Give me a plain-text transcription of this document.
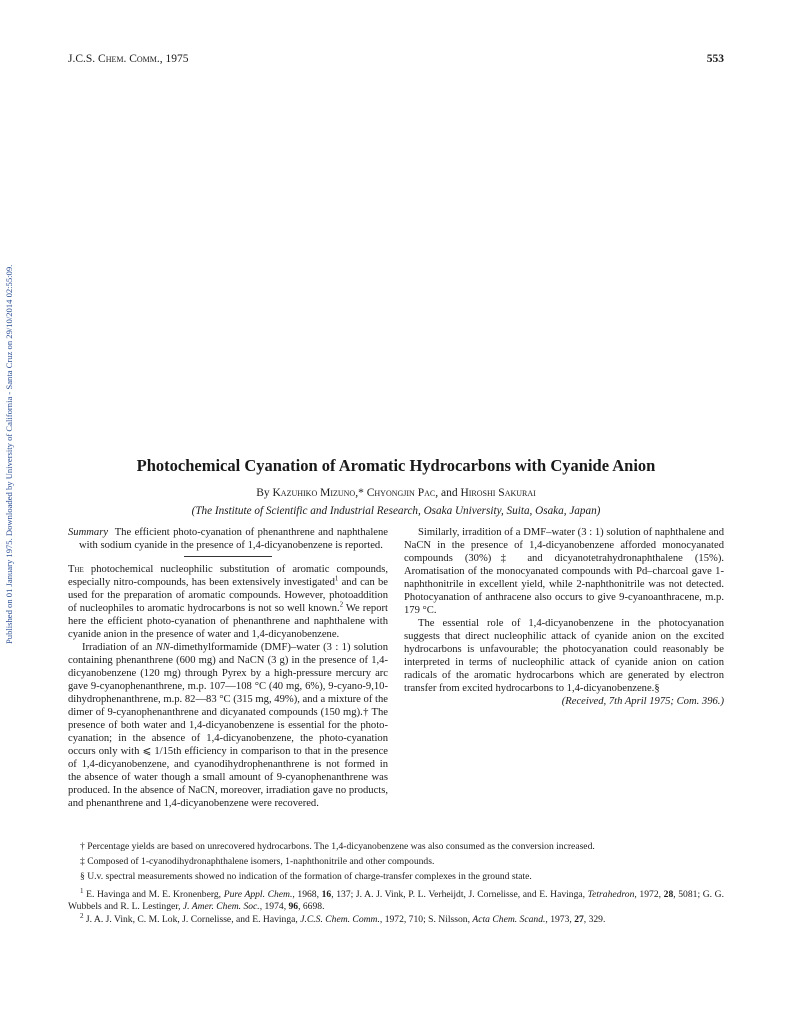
J.C.S. Chem. Comm., 1975	553
Published on 01 January 1975. Downloaded by University of California - Santa Cruz on 29/10/2014 02:55:09.	Photochemical Cyanation of Aromatic Hydrocarbons with Cyanide Anion
By Kazuhiko Mizuno,* Chyongjin Pac, and Hiroshi Sakurai
(The Institute of Scientific and Industrial Research, Osaka University, Suita, Osaka, Japan)

Summary The efficient photo-cyanation of phenanthrene and naphthalene with sodium cyanide in the presence of 1,4-dicyanobenzene is reported.

The photochemical nucleophilic substitution of aromatic compounds, especially nitro-compounds, has been extensively investigated$^1$ and can be used for the preparation of aromatic compounds. However, photoaddition of nucleophiles to aromatic hydrocarbons is not so well known.$^2$ We report here the efficient photo-cyanation of phenanthrene and naphthalene with cyanide anion in the presence of water and 1,4-dicyanobenzene.

Irradiation of an NN-dimethylformamide (DMF)–water (3 : 1) solution containing phenanthrene (600 mg) and NaCN (3 g) in the presence of 1,4-dicyanobenzene (120 mg) through Pyrex by a high-pressure mercury arc gave 9-cyanophenanthrene, m.p. 107—108 °C (40 mg, 6%), 9-cyano-9,10-dihydrophenanthrene, m.p. 82—83 °C (315 mg, 49%), and a mixture of the dimer of 9-cyanophenanthrene and dicyanated compounds (150 mg).† The presence of both water and 1,4-dicyanobenzene is essential for the photo-cyanation; in the absence of 1,4-dicyanobenzene, the photo-cyanation occurs only with ⩽ 1/15th efficiency in comparison to that in the presence of 1,4-dicyanobenzene, and cyanodihydrophenanthrene is not formed in the absence of water though a small amount of 9-cyanophenanthrene was produced. In the absence of NaCN, moreover, irradiation gave no products, and phenanthrene and 1,4-dicyanobenzene were recovered.

Similarly, irradition of a DMF–water (3 : 1) solution of naphthalene and NaCN in the presence of 1,4-dicyanobenzene afforded monocyanated compounds (30%)‡ and dicyanotetrahydronaphthalene (15%). Aromatisation of the monocyanated compounds with Pd–charcoal gave 1-naphthonitrile in excellent yield, while 2-naphthonitrile was not detected. Photocyanation of anthracene also occurs to give 9-cyanoanthracene, m.p. 179 °C.

The essential role of 1,4-dicyanobenzene in the photocyanation suggests that direct nucleophilic attack of cyanide anion on the excited hydrocarbons is unfavourable; the photocyanation could reasonably be interpreted in terms of nucleophilic attack of cyanide anion on cation radicals of the aromatic hydrocarbons which are generated by electron transfer from excited hydrocarbons to 1,4-dicyanobenzene.§

(Received, 7th April 1975; Com. 396.)

† Percentage yields are based on unrecovered hydrocarbons. The 1,4-dicyanobenzene was also consumed as the conversion increased.

‡ Composed of 1-cyanodihydronaphthalene isomers, 1-naphthonitrile and other compounds.

§ U.v. spectral measurements showed no indication of the formation of charge-transfer complexes in the ground state.

$^1$ E. Havinga and M. E. Kronenberg, Pure Appl. Chem., 1968, 16, 137; J. A. J. Vink, P. L. Verheijdt, J. Cornelisse, and E. Havinga, Tetrahedron, 1972, 28, 5081; G. G. Wubbels and R. L. Lestinger, J. Amer. Chem. Soc., 1974, 96, 6698.

$^2$ J. A. J. Vink, C. M. Lok, J. Cornelisse, and E. Havinga, J.C.S. Chem. Comm., 1972, 710; S. Nilsson, Acta Chem. Scand., 1973, 27, 329.
